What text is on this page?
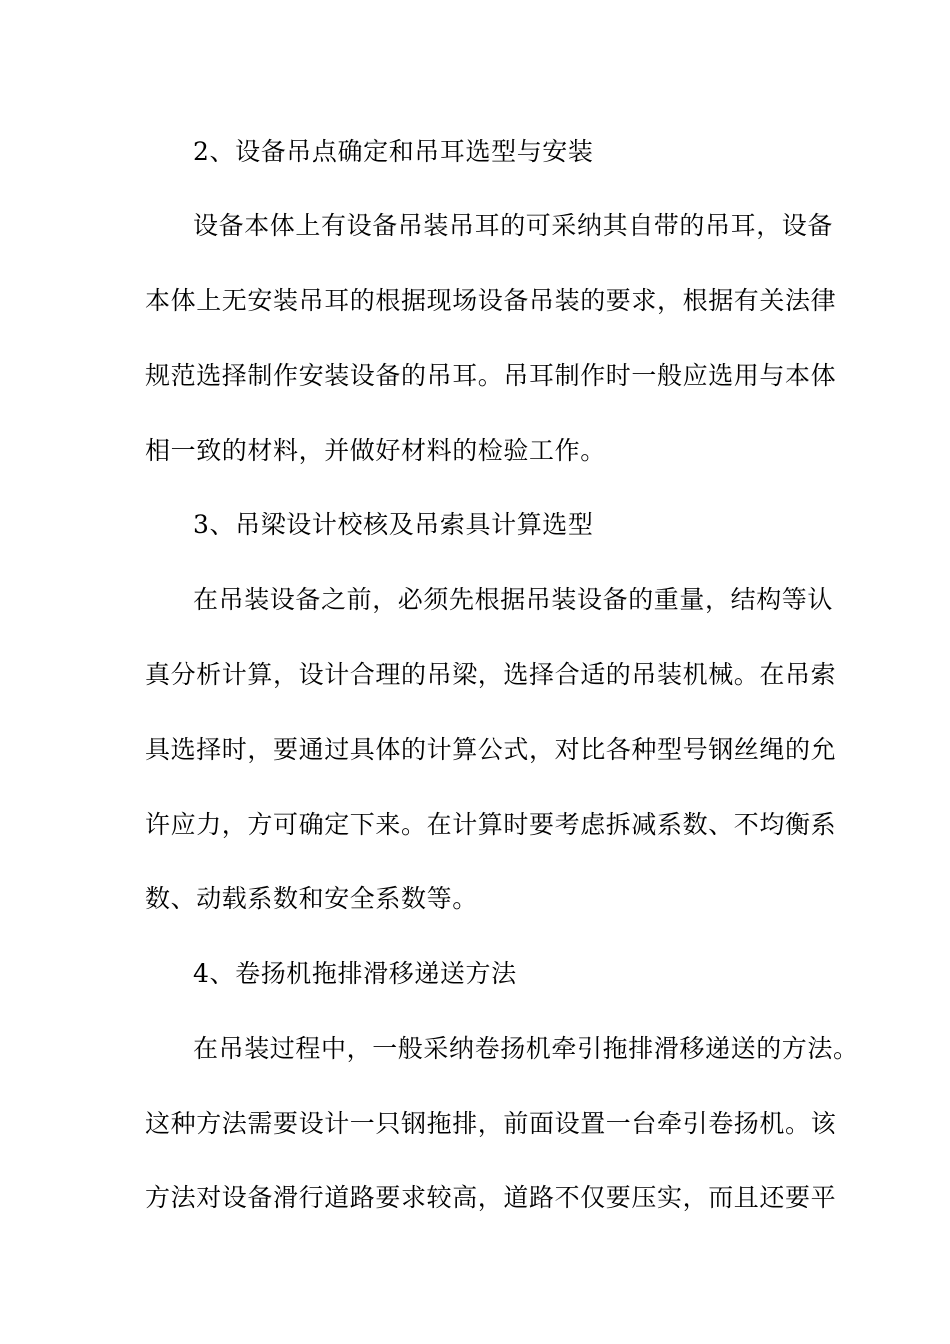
2、设备吊点确定和吊耳选型与安装
设备本体上有设备吊装吊耳的可采纳其自带的吊耳，设备
本体上无安装吊耳的根据现场设备吊装的要求，根据有关法律
规范选择制作安装设备的吊耳。吊耳制作时一般应选用与本体
相一致的材料，并做好材料的检验工作。
3、吊梁设计校核及吊索具计算选型
在吊装设备之前，必须先根据吊装设备的重量，结构等认
真分析计算，设计合理的吊梁，选择合适的吊装机械。在吊索
具选择时，要通过具体的计算公式，对比各种型号钢丝绳的允
许应力，方可确定下来。在计算时要考虑拆减系数、不均衡系
数、动载系数和安全系数等。
4、卷扬机拖排滑移递送方法
在吊装过程中，一般采纳卷扬机牵引拖排滑移递送的方法。
这种方法需要设计一只钢拖排，前面设置一台牵引卷扬机。该
方法对设备滑行道路要求较高，道路不仅要压实，而且还要平
